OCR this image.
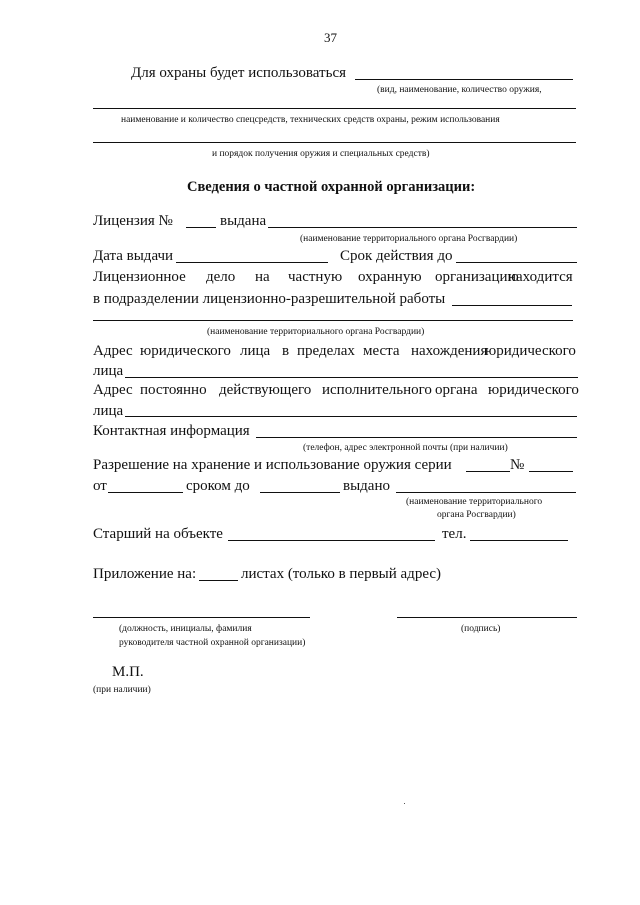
37
Для охраны будет использоваться
(вид, наименование, количество оружия,
наименование и количество спецсредств, технических средств охраны, режим использования
и порядок получения оружия и специальных средств)
Сведения о частной охранной организации:
Лицензия №	выдана
(наименование территориального органа Росгвардии)
Дата выдачи	Срок действия до
Лицензионное дело на частную охранную организацию
находится
в подразделении лицензионно-разрешительной работы
(наименование территориального органа Росгвардии)
Адрес юридического лица в пределах места нахождения
юридического
лица
Адрес постоянно действующего исполнительного органа юридического
лица
Контактная информация
(телефон, адрес электронной почты (при наличии)
Разрешение на хранение и использование оружия серии	№
от	сроком до	выдано
(наименование территориального
органа Росгвардии)
Старший на объекте	тел.
Приложение на:	листах (только в первый адрес)
(должность, инициалы, фамилия	(подпись)
руководителя частной охранной организации)
М.П.
(при наличии)
